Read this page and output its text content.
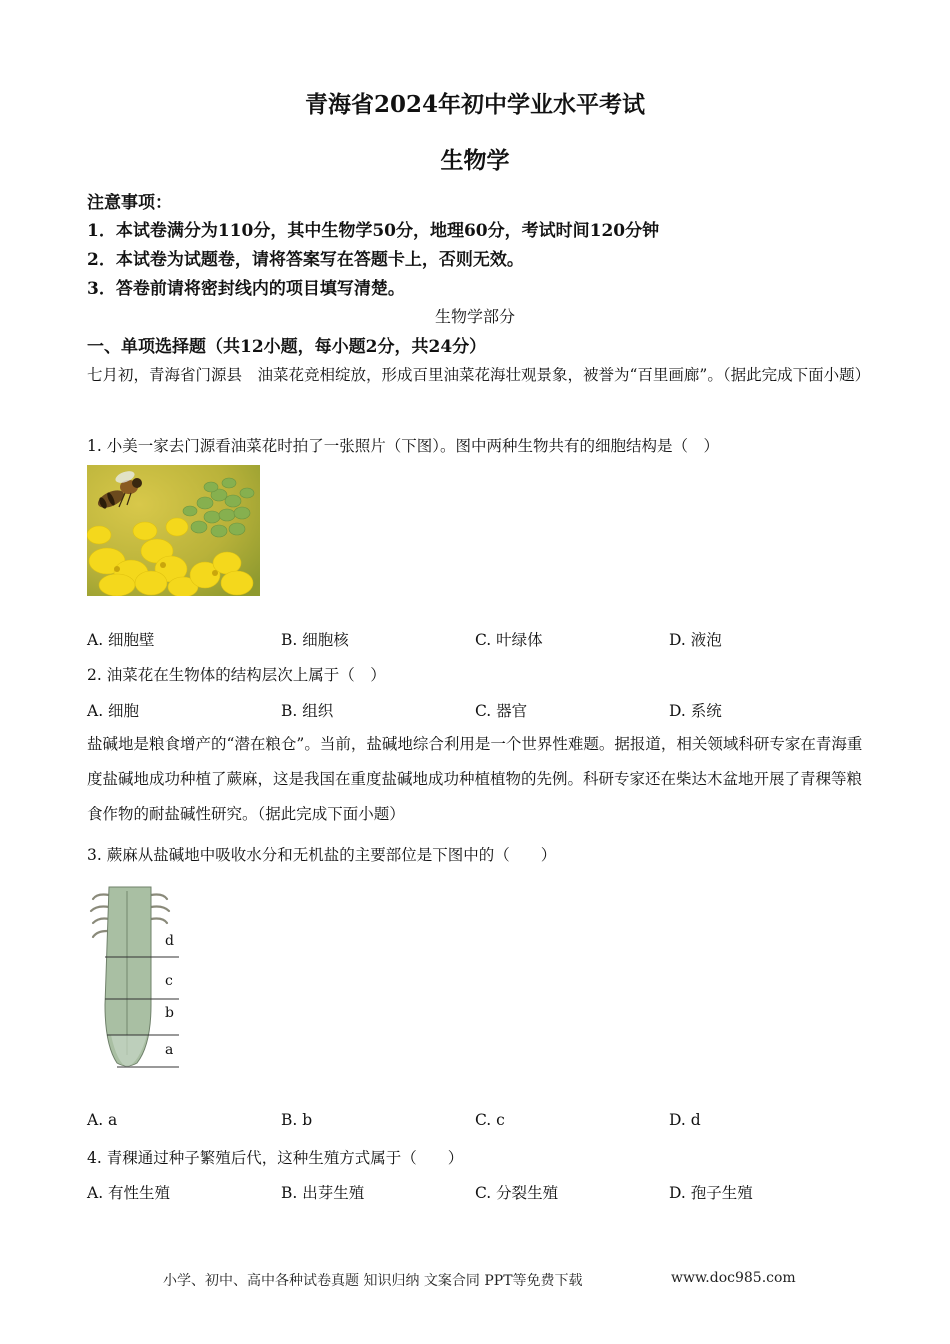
青海省2024年初中学业水平考试
生物学
注意事项：
1．本试卷满分为110分，其中生物学50分，地理60分，考试时间120分钟
2．本试卷为试题卷，请将答案写在答题卡上，否则无效。
3．答卷前请将密封线内的项目填写清楚。
生物学部分
一、单项选择题（共12小题，每小题2分，共24分）
七月初，青海省门源县　油菜花竞相绽放，形成百里油菜花海壮观景象，被誉为“百里画廊”。（据此完成下面小题）
1. 小美一家去门源看油菜花时拍了一张照片（下图）。图中两种生物共有的细胞结构是（　）
A. 细胞壁	B. 细胞核	C. 叶绿体	D. 液泡
2. 油菜花在生物体的结构层次上属于（　）
A. 细胞	B. 组织	C. 器官	D. 系统
盐碱地是粮食增产的“潜在粮仓”。当前，盐碱地综合利用是一个世界性难题。据报道，相关领域科研专家在青海重度盐碱地成功种植了蕨麻，这是我国在重度盐碱地成功种植植物的先例。科研专家还在柴达木盆地开展了青稞等粮食作物的耐盐碱性研究。（据此完成下面小题）
3. 蕨麻从盐碱地中吸收水分和无机盐的主要部位是下图中的（　　）
d
c
b
a
A. a	B. b	C. c	D. d
4. 青稞通过种子繁殖后代，这种生殖方式属于（　　）
A. 有性生殖	B. 出芽生殖	C. 分裂生殖	D. 孢子生殖
小学、初中、高中各种试卷真题 知识归纳 文案合同 PPT等免费下载	www.doc985.com
